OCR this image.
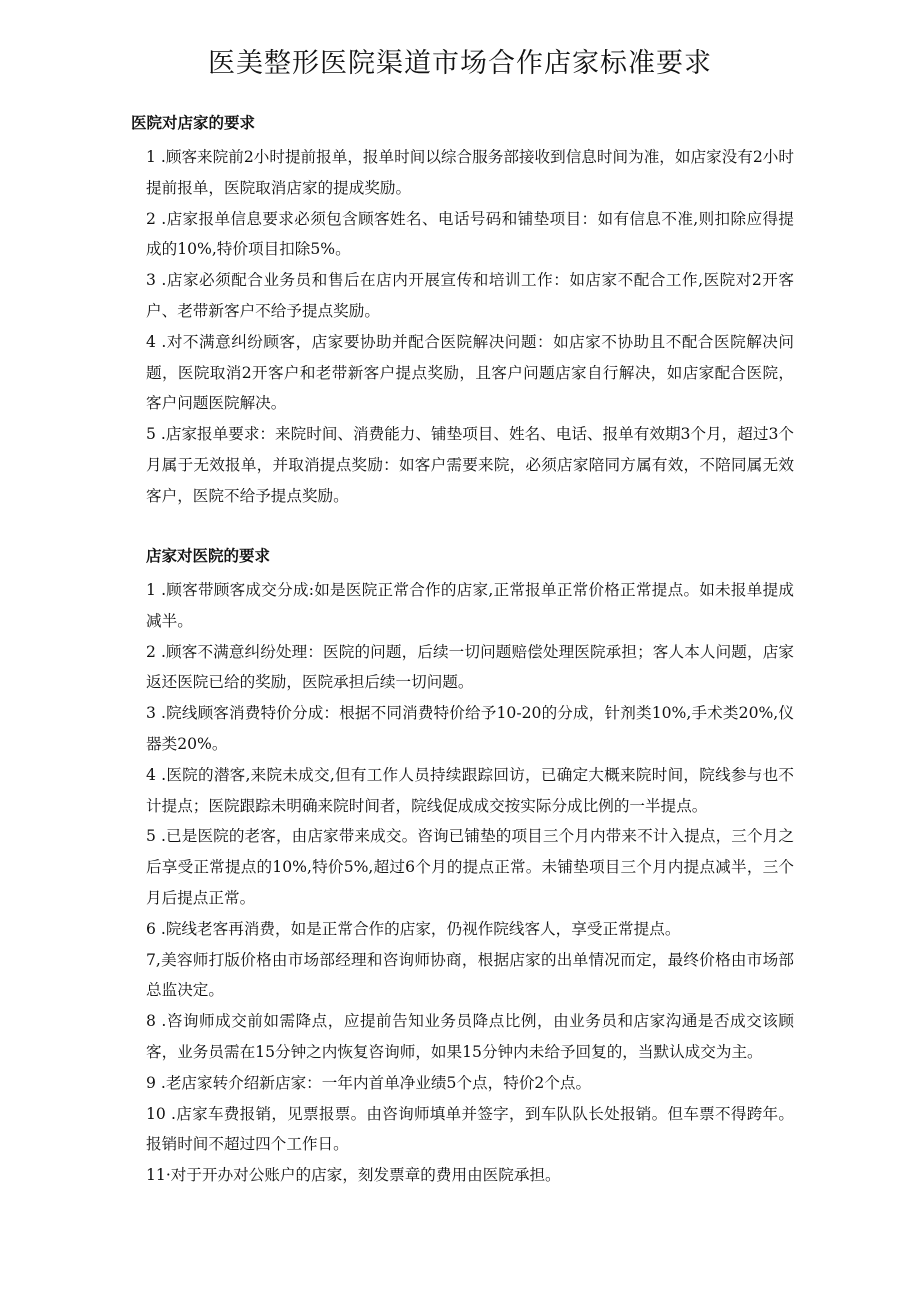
医美整形医院渠道市场合作店家标准要求
医院对店家的要求

1 .顾客来院前2小时提前报单，报单时间以综合服务部接收到信息时间为准，如店家没有2小时提前报单，医院取消店家的提成奖励。

2 .店家报单信息要求必须包含顾客姓名、电话号码和铺垫项目：如有信息不准,则扣除应得提成的10%,特价项目扣除5%。

3 .店家必须配合业务员和售后在店内开展宣传和培训工作：如店家不配合工作,医院对2开客户、老带新客户不给予提点奖励。

4 .对不满意纠纷顾客，店家要协助并配合医院解决问题：如店家不协助且不配合医院解决问题，医院取消2开客户和老带新客户提点奖励，且客户问题店家自行解决，如店家配合医院，客户问题医院解决。

5 .店家报单要求：来院时间、消费能力、铺垫项目、姓名、电话、报单有效期3个月，超过3个月属于无效报单，并取消提点奖励：如客户需要来院，必须店家陪同方属有效，不陪同属无效客户，医院不给予提点奖励。

店家对医院的要求

1 .顾客带顾客成交分成:如是医院正常合作的店家,正常报单正常价格正常提点。如未报单提成减半。

2 .顾客不满意纠纷处理：医院的问题，后续一切问题赔偿处理医院承担；客人本人问题，店家返还医院已给的奖励，医院承担后续一切问题。

3 .院线顾客消费特价分成：根据不同消费特价给予10-20的分成，针剂类10%,手术类20%,仪器类20%。

4 .医院的潜客,来院未成交,但有工作人员持续跟踪回访，已确定大概来院时间，院线参与也不计提点；医院跟踪未明确来院时间者，院线促成成交按实际分成比例的一半提点。

5 .已是医院的老客，由店家带来成交。咨询已铺垫的项目三个月内带来不计入提点，三个月之后享受正常提点的10%,特价5%,超过6个月的提点正常。未铺垫项目三个月内提点减半，三个月后提点正常。

6 .院线老客再消费，如是正常合作的店家，仍视作院线客人，享受正常提点。

7,美容师打版价格由市场部经理和咨询师协商，根据店家的出单情况而定，最终价格由市场部总监决定。

8 .咨询师成交前如需降点，应提前告知业务员降点比例，由业务员和店家沟通是否成交该顾客，业务员需在15分钟之内恢复咨询师，如果15分钟内未给予回复的，当默认成交为主。

9 .老店家转介绍新店家：一年内首单净业绩5个点，特价2个点。

10 .店家车费报销，见票报票。由咨询师填单并签字，到车队队长处报销。但车票不得跨年。报销时间不超过四个工作日。

11·对于开办对公账户的店家，刻发票章的费用由医院承担。
